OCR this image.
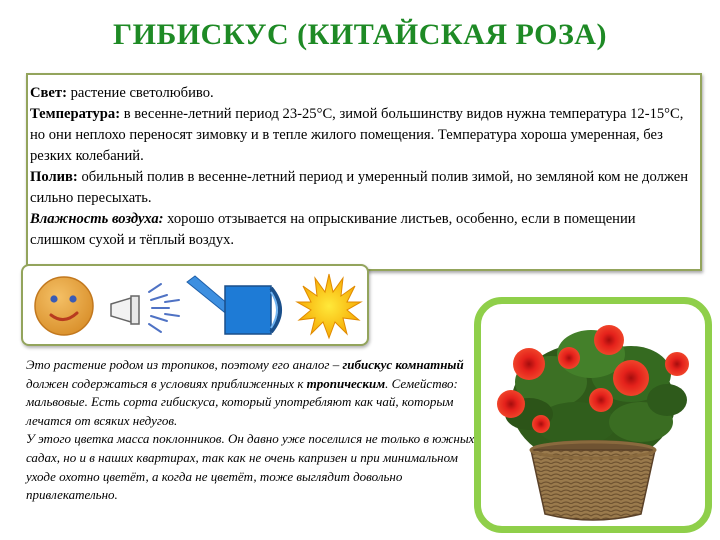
ГИБИСКУС (КИТАЙСКАЯ РОЗА)

Свет: растение светолюбиво.

Температура: в весенне-летний период 23-25°C, зимой большинству видов нужна температура 12-15°C, но они неплохо переносят зимовку и в тепле жилого помещения. Температура хороша умеренная, без резких колебаний.

Полив: обильный полив в весенне-летний период и умеренный полив зимой, но земляной ком не должен сильно пересыхать.

Влажность воздуха: хорошо отзывается на опрыскивание листьев, особенно, если в помещении слишком сухой и тёплый воздух.

Это растение родом из тропиков, поэтому его аналог – гибискус комнатный должен содержаться в условиях приближенных к тропическим. Семейство: мальвовые. Есть сорта гибискуса, который употребляют как чай, которым лечатся от всяких недугов.

У этого цветка масса поклонников. Он давно уже поселился не только в южных садах, но и в наших квартирах, так как не очень капризен и при минимальном уходе охотно цветёт, а когда не цветёт, тоже выглядит довольно привлекательно.
